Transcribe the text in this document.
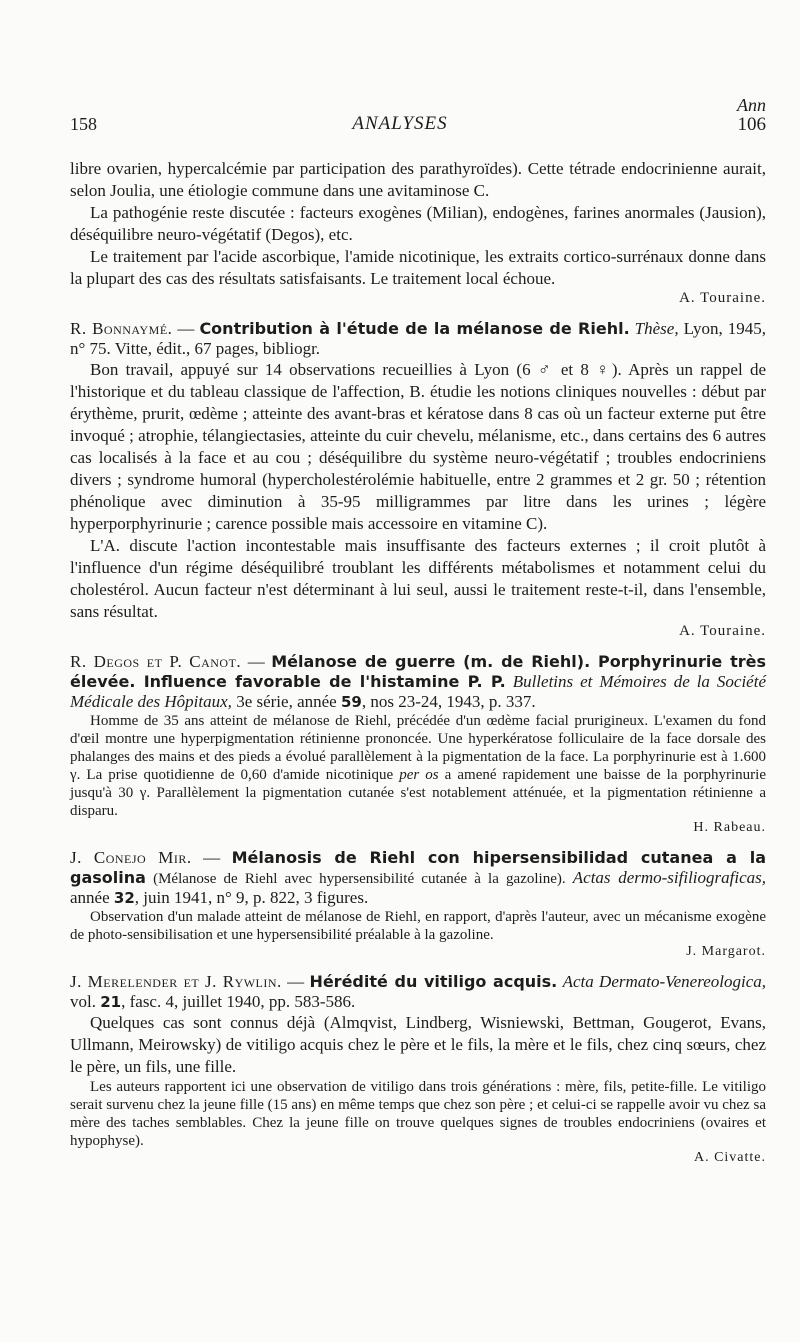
Ann
106
158	ANALYSES

libre ovarien, hypercalcémie par participation des parathyroïdes). Cette tétrade endocrinienne aurait, selon Joulia, une étiologie commune dans une avitaminose C.

La pathogénie reste discutée : facteurs exogènes (Milian), endogènes, farines anormales (Jausion), déséquilibre neuro-végétatif (Degos), etc.

Le traitement par l'acide ascorbique, l'amide nicotinique, les extraits cortico-surrénaux donne dans la plupart des cas des résultats satisfaisants. Le traitement local échoue.

A. Touraine.

R. Bonnaymé. — Contribution à l'étude de la mélanose de Riehl. Thèse, Lyon, 1945, n° 75. Vitte, édit., 67 pages, bibliogr.

Bon travail, appuyé sur 14 observations recueillies à Lyon (6 ♂ et 8 ♀). Après un rappel de l'historique et du tableau classique de l'affection, B. étudie les notions cliniques nouvelles : début par érythème, prurit, œdème ; atteinte des avant-bras et kératose dans 8 cas où un facteur externe put être invoqué ; atrophie, télangiectasies, atteinte du cuir chevelu, mélanisme, etc., dans certains des 6 autres cas localisés à la face et au cou ; déséquilibre du système neuro-végétatif ; troubles endocriniens divers ; syndrome humoral (hypercholestérolémie habituelle, entre 2 grammes et 2 gr. 50 ; rétention phénolique avec diminution à 35-95 milligrammes par litre dans les urines ; légère hyperporphyrinurie ; carence possible mais accessoire en vitamine C).

L'A. discute l'action incontestable mais insuffisante des facteurs externes ; il croit plutôt à l'influence d'un régime déséquilibré troublant les différents métabolismes et notamment celui du cholestérol. Aucun facteur n'est déterminant à lui seul, aussi le traitement reste-t-il, dans l'ensemble, sans résultat.

A. Touraine.

R. Degos et P. Canot. — Mélanose de guerre (m. de Riehl). Porphyrinurie très élevée. Influence favorable de l'histamine P. P. Bulletins et Mémoires de la Société Médicale des Hôpitaux, 3e série, année 59, nos 23-24, 1943, p. 337.

Homme de 35 ans atteint de mélanose de Riehl, précédée d'un œdème facial prurigineux. L'examen du fond d'œil montre une hyperpigmentation rétinienne prononcée. Une hyperkératose folliculaire de la face dorsale des phalanges des mains et des pieds a évolué parallèlement à la pigmentation de la face. La porphyrinurie est à 1.600 γ. La prise quotidienne de 0,60 d'amide nicotinique per os a amené rapidement une baisse de la porphyrinurie jusqu'à 30 γ. Parallèlement la pigmentation cutanée s'est notablement atténuée, et la pigmentation rétinienne a disparu.

H. Rabeau.

J. Conejo Mir. — Mélanosis de Riehl con hipersensibilidad cutanea a la gasolina (Mélanose de Riehl avec hypersensibilité cutanée à la gazoline). Actas dermo-sifiliograficas, année 32, juin 1941, n° 9, p. 822, 3 figures.

Observation d'un malade atteint de mélanose de Riehl, en rapport, d'après l'auteur, avec un mécanisme exogène de photo-sensibilisation et une hypersensibilité préalable à la gazoline.

J. Margarot.

J. Merelender et J. Rywlin. — Hérédité du vitiligo acquis. Acta Dermato-Venereologica, vol. 21, fasc. 4, juillet 1940, pp. 583-586.

Quelques cas sont connus déjà (Almqvist, Lindberg, Wisniewski, Bettman, Gougerot, Evans, Ullmann, Meirowsky) de vitiligo acquis chez le père et le fils, la mère et le fils, chez cinq sœurs, chez le père, un fils, une fille.

Les auteurs rapportent ici une observation de vitiligo dans trois générations : mère, fils, petite-fille. Le vitiligo serait survenu chez la jeune fille (15 ans) en même temps que chez son père ; et celui-ci se rappelle avoir vu chez sa mère des taches semblables. Chez la jeune fille on trouve quelques signes de troubles endocriniens (ovaires et hypophyse).

A. Civatte.
